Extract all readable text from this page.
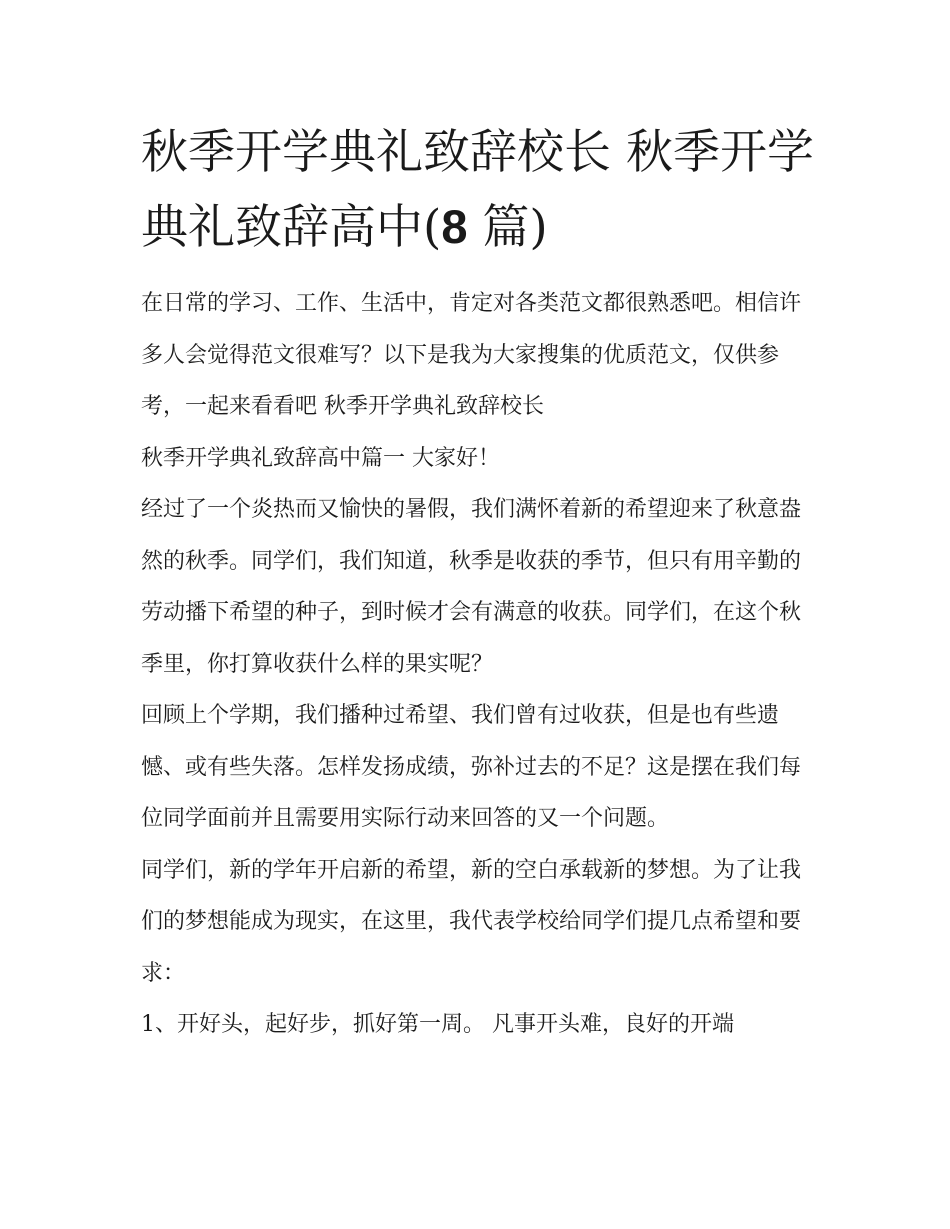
秋季开学典礼致辞校长 秋季开学典礼致辞高中(8 篇)

在日常的学习、工作、生活中，肯定对各类范文都很熟悉吧。相信许多人会觉得范文很难写？以下是我为大家搜集的优质范文，仅供参考，一起来看看吧 秋季开学典礼致辞校长

秋季开学典礼致辞高中篇一 大家好！

经过了一个炎热而又愉快的暑假，我们满怀着新的希望迎来了秋意盎然的秋季。同学们，我们知道，秋季是收获的季节，但只有用辛勤的劳动播下希望的种子，到时候才会有满意的收获。同学们，在这个秋季里，你打算收获什么样的果实呢？

回顾上个学期，我们播种过希望、我们曾有过收获，但是也有些遗憾、或有些失落。怎样发扬成绩，弥补过去的不足？这是摆在我们每位同学面前并且需要用实际行动来回答的又一个问题。

同学们，新的学年开启新的希望，新的空白承载新的梦想。为了让我们的梦想能成为现实，在这里，我代表学校给同学们提几点希望和要求：

1、开好头，起好步，抓好第一周。 凡事开头难，良好的开端
